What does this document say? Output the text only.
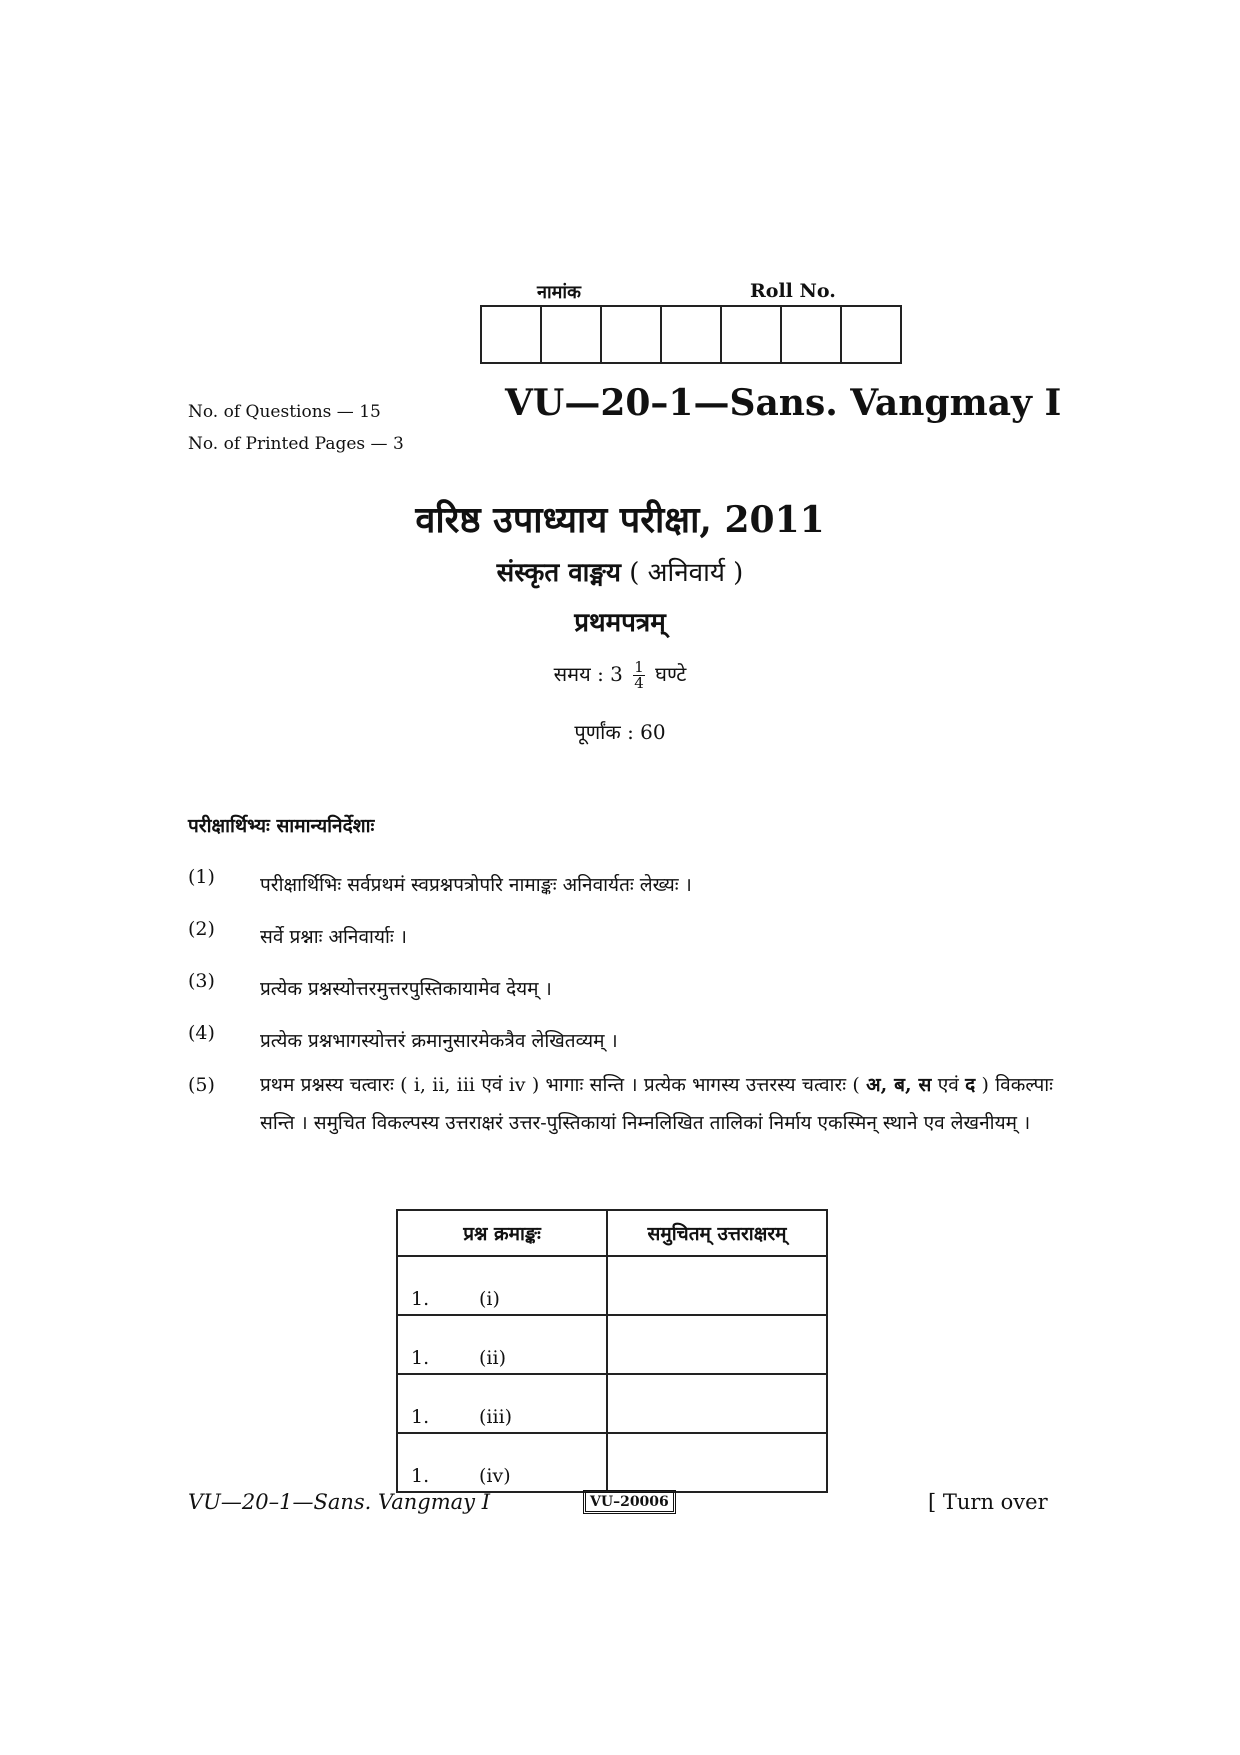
नामांक	Roll No.
No. of Questions — 15
No. of Printed Pages — 3
VU—20–1—Sans. Vangmay I
वरिष्ठ उपाध्याय परीक्षा, 2011
संस्कृत वाङ्मय ( अनिवार्य )
प्रथमपत्रम्
समय : $3 \frac{1}{4}$ घण्टे
पूर्णांक : 60
परीक्षार्थिभ्यः सामान्यनिर्देशाः
(1) परीक्षार्थिभिः सर्वप्रथमं स्वप्रश्नपत्रोपरि नामाङ्कः अनिवार्यतः लेख्यः ।
(2) सर्वे प्रश्नाः अनिवार्याः ।
(3) प्रत्येक प्रश्नस्योत्तरमुत्तरपुस्तिकायामेव देयम् ।
(4) प्रत्येक प्रश्नभागस्योत्तरं क्रमानुसारमेकत्रैव लेखितव्यम् ।
(5) प्रथम प्रश्नस्य चत्वारः ( i, ii, iii एवं iv ) भागाः सन्ति । प्रत्येक भागस्य उत्तरस्य चत्वारः ( अ, ब, स एवं द ) विकल्पाः सन्ति । समुचित विकल्पस्य उत्तराक्षरं उत्तर-पुस्तिकायां निम्नलिखित तालिकां निर्माय एकस्मिन् स्थाने एव लेखनीयम् ।
प्रश्न क्रमाङ्कः	समुचितम् उत्तराक्षरम्
1. (i)	
1. (ii)	
1. (iii)	
1. (iv)	
VU—20–1—Sans. Vangmay I	VU–20006	[ Turn over
